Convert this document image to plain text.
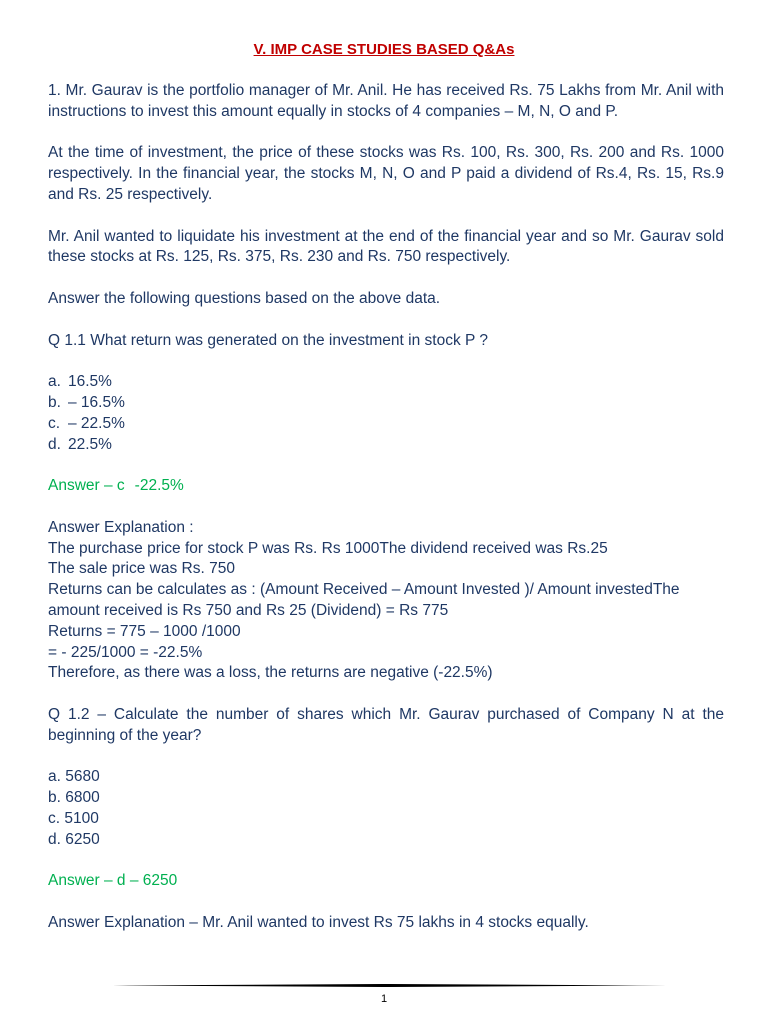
V. IMP CASE STUDIES BASED Q&As

1. Mr. Gaurav is the portfolio manager of Mr. Anil. He has received Rs. 75 Lakhs from Mr. Anil with instructions to invest this amount equally in stocks of 4 companies – M, N, O and P.

At the time of investment, the price of these stocks was Rs. 100, Rs. 300, Rs. 200 and Rs. 1000 respectively. In the financial year, the stocks M, N, O and P paid a dividend of Rs.4, Rs. 15, Rs.9 and Rs. 25 respectively.

Mr. Anil wanted to liquidate his investment at the end of the financial year and so Mr. Gaurav sold these stocks at Rs. 125, Rs. 375, Rs. 230 and Rs. 750 respectively.

Answer the following questions based on the above data.

Q 1.1 What return was generated on the investment in stock P ?

a. 16.5%
b. – 16.5%
c. – 22.5%
d. 22.5%

Answer – c -22.5%

Answer Explanation :

The purchase price for stock P was Rs. Rs 1000The dividend received was Rs.25

The sale price was Rs. 750

Returns can be calculates as : (Amount Received – Amount Invested )/ Amount investedThe amount received is Rs 750 and Rs 25 (Dividend) = Rs 775

Returns = 775 – 1000 /1000

= - 225/1000 = -22.5%

Therefore, as there was a loss, the returns are negative (-22.5%)

Q 1.2 – Calculate the number of shares which Mr. Gaurav purchased of Company N at the beginning of the year?

a. 5680

b. 6800

c. 5100

d. 6250

Answer – d – 6250

Answer Explanation – Mr. Anil wanted to invest Rs 75 lakhs in 4 stocks equally.

1
